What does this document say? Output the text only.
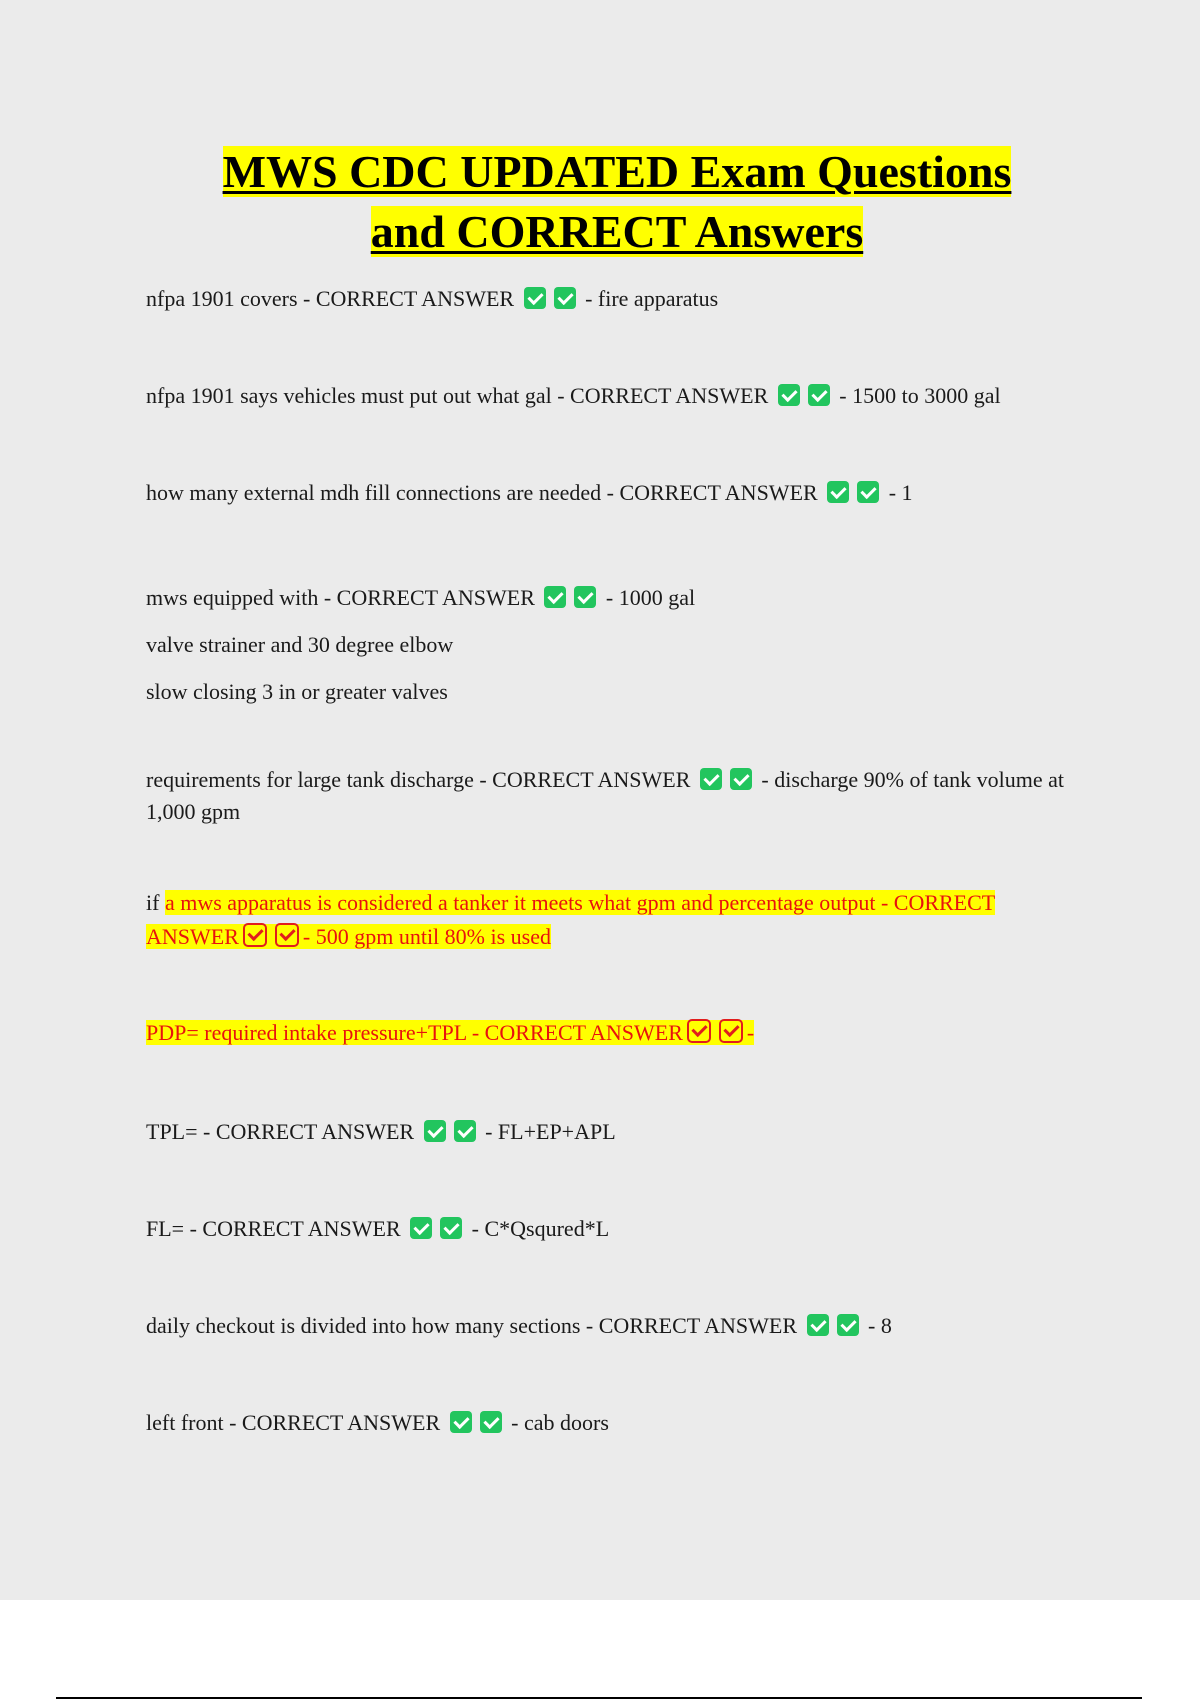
MWS CDC UPDATED Exam Questions
and CORRECT Answers

nfpa 1901 covers - CORRECT ANSWER	- fire apparatus

nfpa 1901 says vehicles must put out what gal - CORRECT ANSWER	- 1500 to 3000 gal

how many external mdh fill connections are needed - CORRECT ANSWER	- 1

mws equipped with - CORRECT ANSWER	- 1000 gal
valve strainer and 30 degree elbow
slow closing 3 in or greater valves

requirements for large tank discharge - CORRECT ANSWER	- discharge 90% of tank volume at 1,000 gpm

if a mws apparatus is considered a tanker it meets what gpm and percentage output - CORRECT ANSWER	- 500 gpm until 80% is used

PDP= required intake pressure+TPL - CORRECT ANSWER	-

TPL= - CORRECT ANSWER	- FL+EP+APL

FL= - CORRECT ANSWER	- C*Qsqured*L

daily checkout is divided into how many sections - CORRECT ANSWER	- 8

left front - CORRECT ANSWER	- cab doors
